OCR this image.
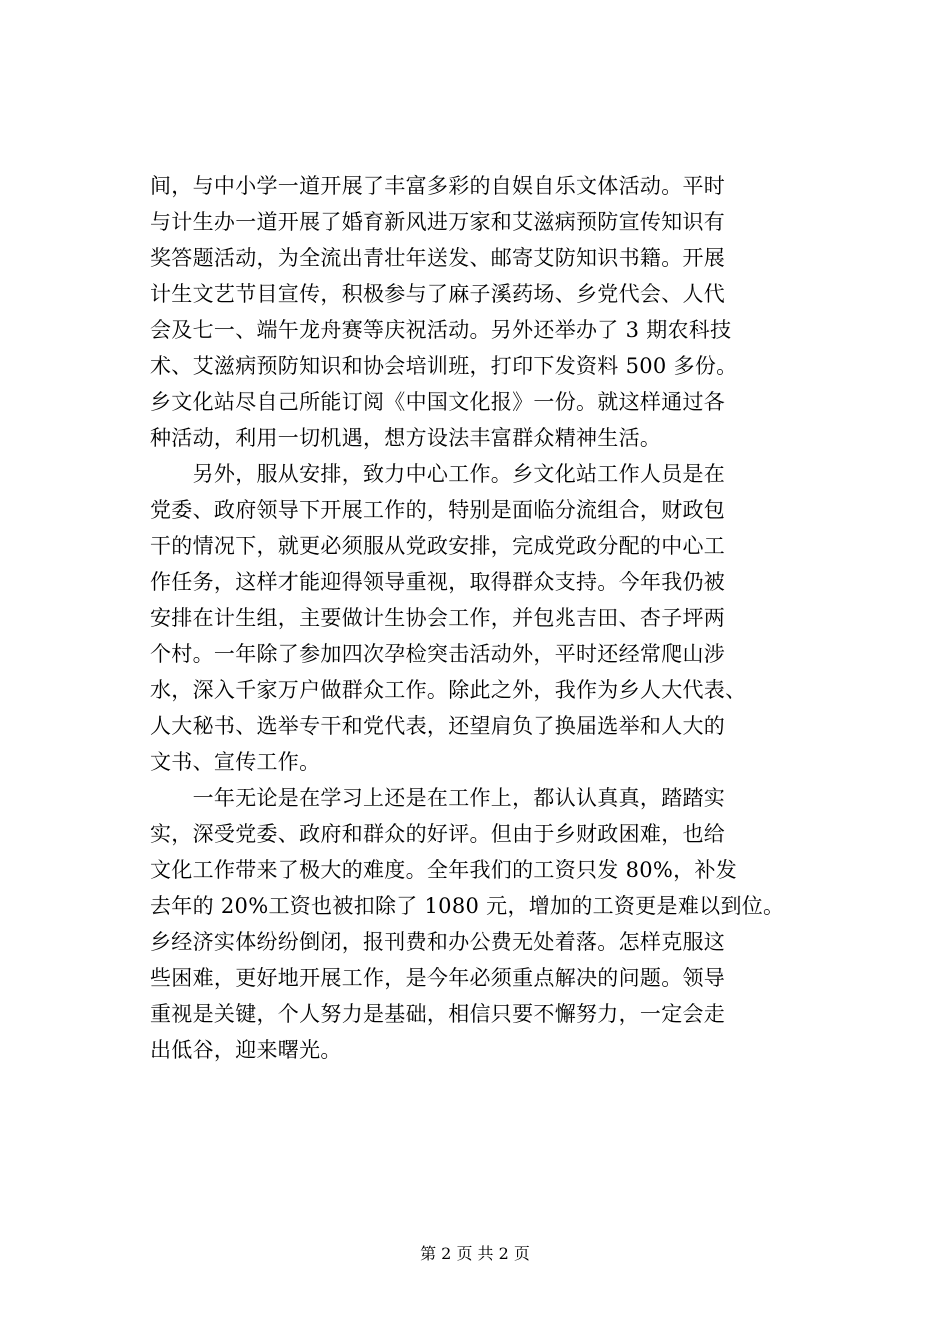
间，与中小学一道开展了丰富多彩的自娱自乐文体活动。平时
与计生办一道开展了婚育新风进万家和艾滋病预防宣传知识有
奖答题活动，为全流出青壮年送发、邮寄艾防知识书籍。开展
计生文艺节目宣传，积极参与了麻子溪药场、乡党代会、人代
会及七一、端午龙舟赛等庆祝活动。另外还举办了 3 期农科技
术、艾滋病预防知识和协会培训班，打印下发资料 500 多份。
乡文化站尽自己所能订阅《中国文化报》一份。就这样通过各
种活动，利用一切机遇，想方设法丰富群众精神生活。
　　另外，服从安排，致力中心工作。乡文化站工作人员是在
党委、政府领导下开展工作的，特别是面临分流组合，财政包
干的情况下，就更必须服从党政安排，完成党政分配的中心工
作任务，这样才能迎得领导重视，取得群众支持。今年我仍被
安排在计生组，主要做计生协会工作，并包兆吉田、杏子坪两
个村。一年除了参加四次孕检突击活动外，平时还经常爬山涉
水，深入千家万户做群众工作。除此之外，我作为乡人大代表、
人大秘书、选举专干和党代表，还望肩负了换届选举和人大的
文书、宣传工作。
　　一年无论是在学习上还是在工作上，都认认真真，踏踏实
实，深受党委、政府和群众的好评。但由于乡财政困难，也给
文化工作带来了极大的难度。全年我们的工资只发 80%，补发
去年的 20%工资也被扣除了 1080 元，增加的工资更是难以到位。
乡经济实体纷纷倒闭，报刊费和办公费无处着落。怎样克服这
些困难，更好地开展工作，是今年必须重点解决的问题。领导
重视是关键，个人努力是基础，相信只要不懈努力，一定会走
出低谷，迎来曙光。
第 2 页 共 2 页
